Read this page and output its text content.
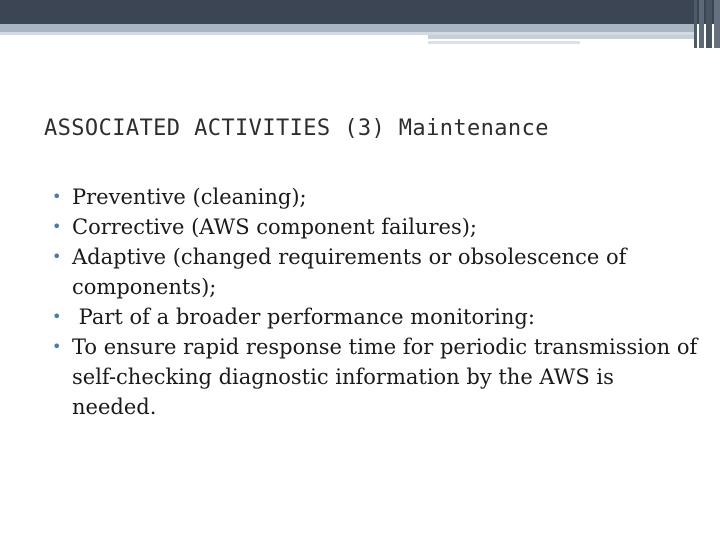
ASSOCIATED ACTIVITIES (3) Maintenance
• Preventive (cleaning);
• Corrective (AWS component failures);
• Adaptive (changed requirements or obsolescence of components);
• Part of a broader performance monitoring:
• To ensure rapid response time for periodic transmission of self-checking diagnostic information by the AWS is needed.
